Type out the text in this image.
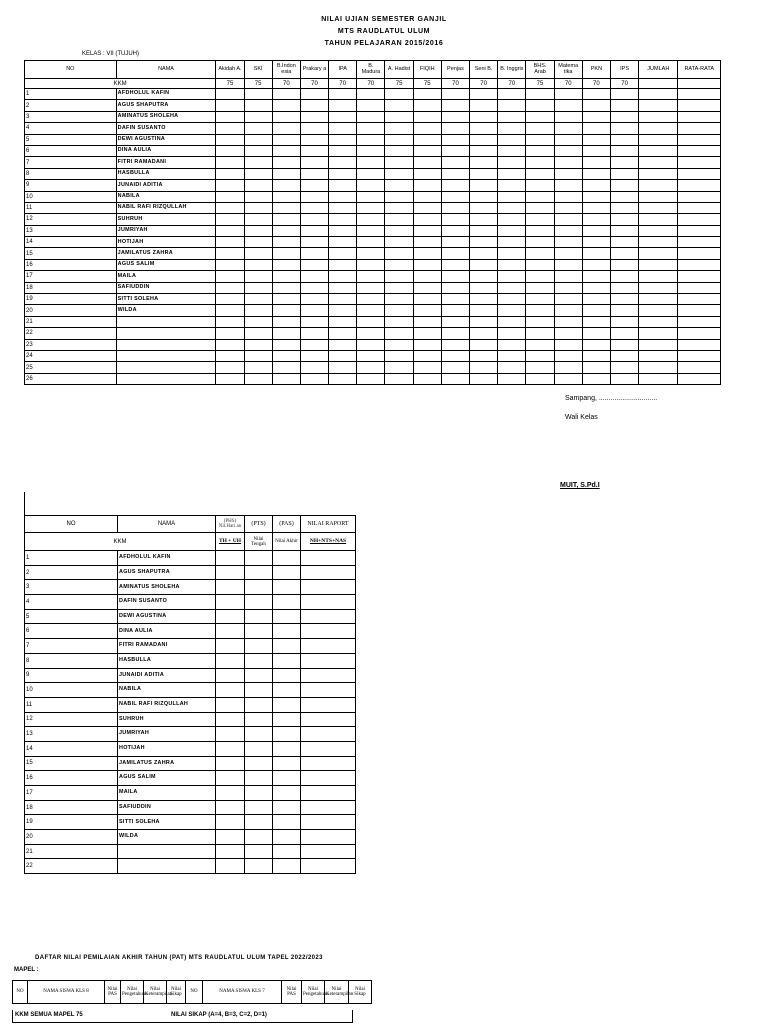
NILAI UJIAN SEMESTER GANJIL
MTS RAUDLATUL ULUM
TAHUN PELAJARAN 2015/2016
KELAS : VII (TUJUH)
NO	NAMA	Akidah A.	SKI	B.Indon esia	Prakary a	IPA	B. Madura	A. Hadist	FIQIH	Penjas	Seni B.	B. Inggris	BHS. Arab	Matema tika	PKN	IPS	JUMLAH	RATA-RATA
KKM		75	75	70	70	70	70	75	75	70	70	70	75	70	70	70		
1	AFDHOLUL KAFIN																	
2	AGUS SHAPUTRA																	
3	AMINATUS SHOLEHA																	
4	DAFIN SUSANTO																	
5	DEWI AGUSTINA																	
6	DINA AULIA																	
7	FITRI RAMADANI																	
8	HASBULLA																	
9	JUNAIDI ADITIA																	
10	NABILA																	
11	NABIL RAFI RIZQULLAH																	
12	SUHRUH																	
13	JUMRIYAH																	
14	HOTIJAH																	
15	JAMILATUS ZAHRA																	
16	AGUS SALIM																	
17	MAILA																	
18	SAFIUDDIN																	
19	SITTI SOLEHA																	
20	WILDA																	
21																		
22																		
23																		
24																		
25																		
26																		
Sampang, ..............................
Wali Kelas
MUIT, S.Pd.I
NO	NAMA	(PHS) Nil.Hari an	(PTS)	(PAS)	NILAI RAPORT
KKM		TH + UH	Nilai Tengah	Nilai Akhir	NH+NTS+NAS
1	AFDHOLUL KAFIN				
2	AGUS SHAPUTRA				
3	AMINATUS SHOLEHA				
4	DAFIN SUSANTO				
5	DEWI AGUSTINA				
6	DINA AULIA				
7	FITRI RAMADANI				
8	HASBULLA				
9	JUNAIDI ADITIA				
10	NABILA				
11	NABIL RAFI RIZQULLAH				
12	SUHRUH				
13	JUMRIYAH				
14	HOTIJAH				
15	JAMILATUS ZAHRA				
16	AGUS SALIM				
17	MAILA				
18	SAFIUDDIN				
19	SITTI SOLEHA				
20	WILDA				
21					
22					
DAFTAR NILAI PEMILAIAN AKHIR TAHUN (PAT) MTS RAUDLATUL ULUM TAPEL 2022/2023
MAPEL :
NO	NAMA SISWA KLS 8	Nilai PAS	Nilai Pengetahuan	Nilai Keterampilan	Nilai Sikap	NO	NAMA SISWA KLS 7	Nilai PAS	Nilai Pengetahuan	Nilai Keterampilan	Nilai Sikap
KKM SEMUA MAPEL 75	NILAI SIKAP (A=4, B=3, C=2, D=1)
